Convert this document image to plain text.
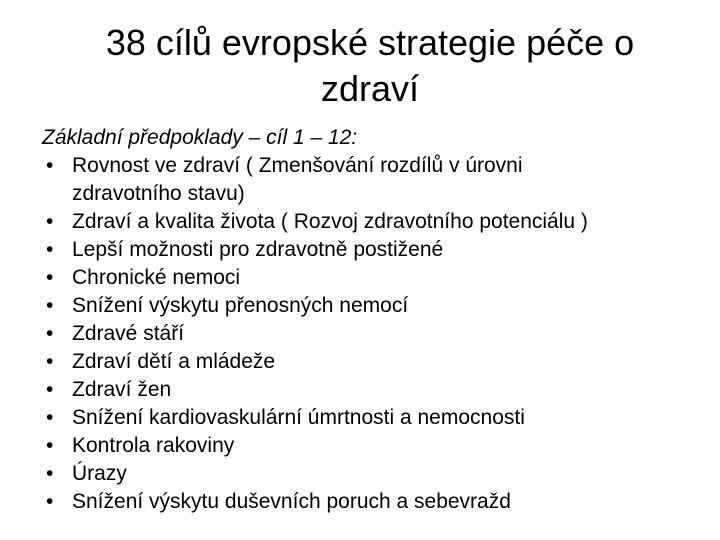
38 cílů evropské strategie péče o
zdraví

Základní předpoklady – cíl 1 – 12:

• Rovnost ve zdraví ( Zmenšování rozdílů v úrovni
zdravotního stavu)
• Zdraví a kvalita života ( Rozvoj zdravotního potenciálu )
• Lepší možnosti pro zdravotně postižené
• Chronické nemoci
• Snížení výskytu přenosných nemocí
• Zdravé stáří
• Zdraví dětí a mládeže
• Zdraví žen
• Snížení kardiovaskulární úmrtnosti a nemocnosti
• Kontrola rakoviny
• Úrazy
• Snížení výskytu duševních poruch a sebevražd
